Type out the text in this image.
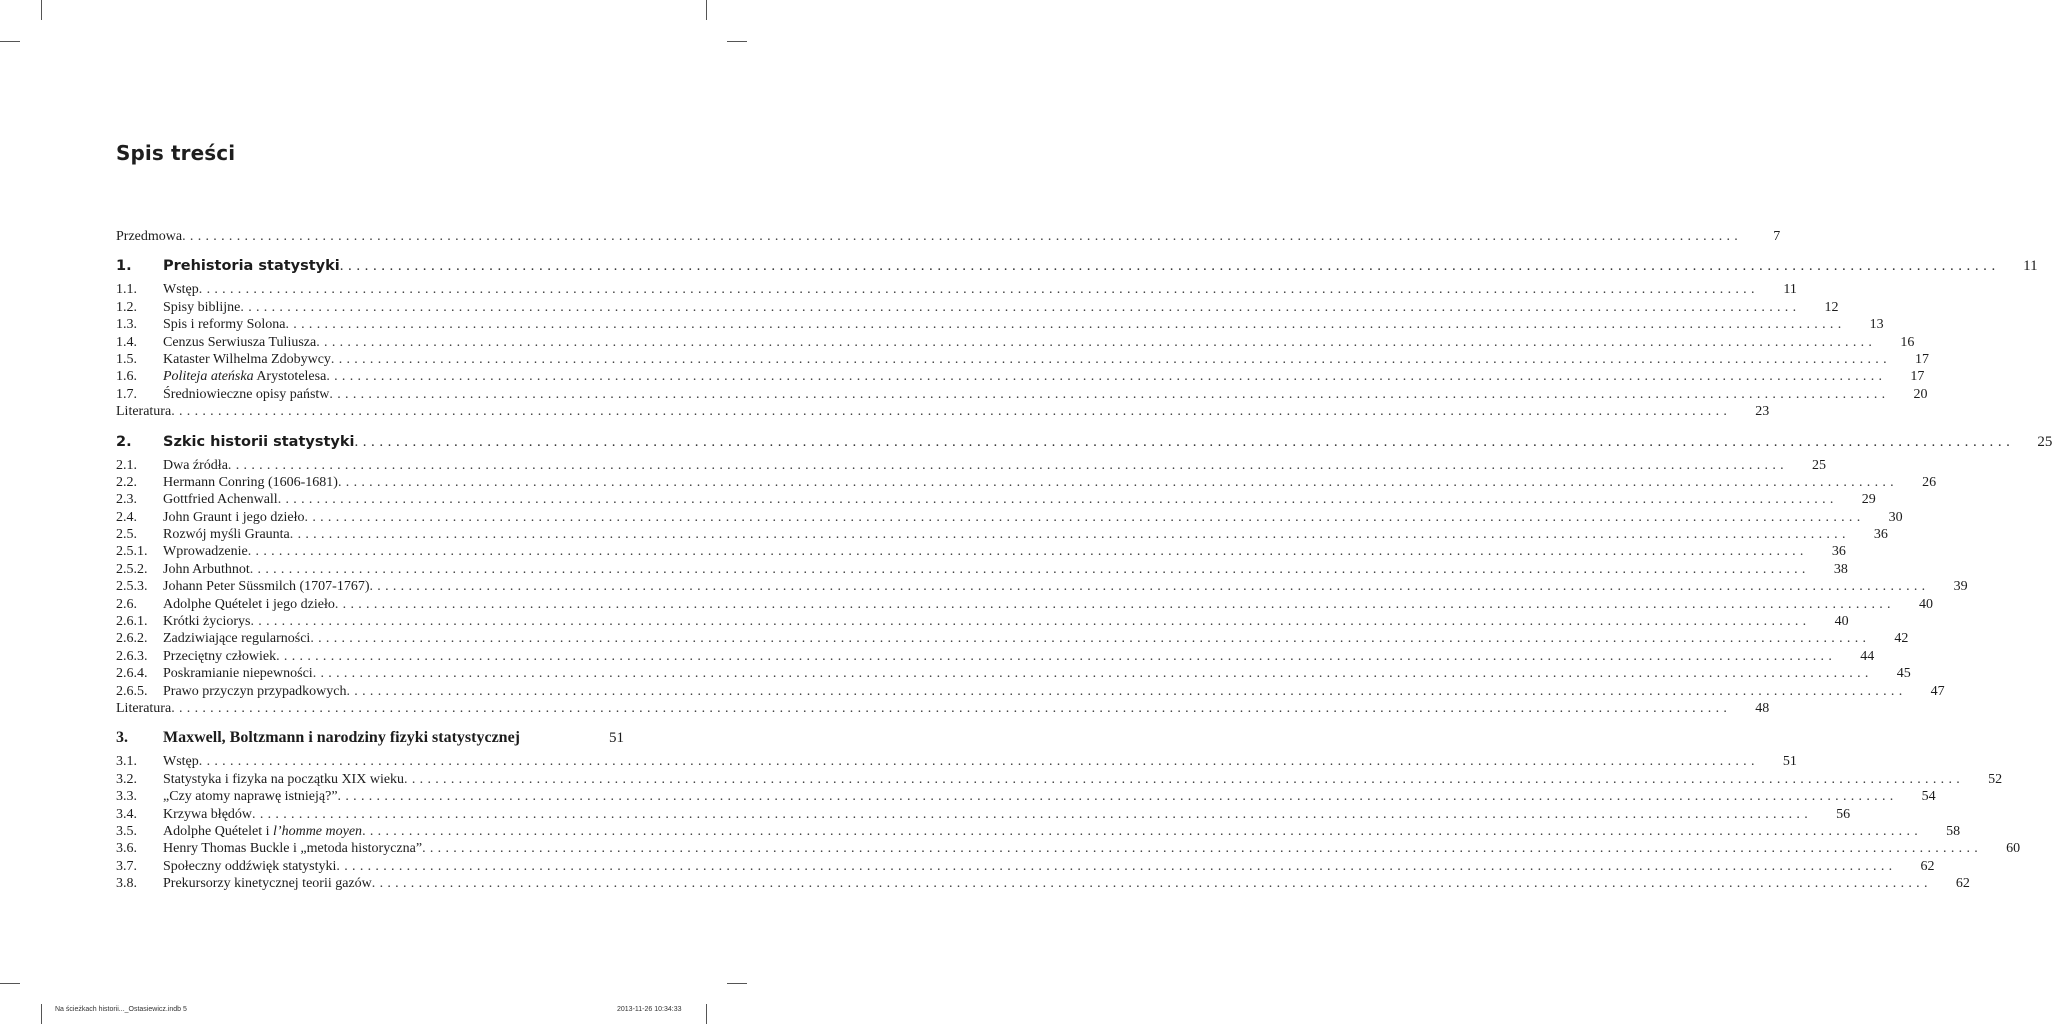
Spis treści
Przedmowa . . . . . . . . . . . . . . . . . . . . . . . . . . . . . . . . . . . . . . . . . . . . . . . . . . . . . . . . . . . . . . . . . . . . . . . . . . . . . . . . . . . . . . . . . . . . . . . . . . . . . . . . . . . . . . . . . . . . . . . . . . . . . . . . . . . . . . . . . . . . . . . . . . . . . . . . . . . . . . . . . . . . . . . . . . . . . . . . . . . . . . . . . . . . . . . . . . . . . . . .	7
1.	Prehistoria statystyki . . . . . . . . . . . . . . . . . . . . . . . . . . . . . . . . . . . . . . . . . . . . . . . . . . . . . . . . . . . . . . . . . . . . . . . . . . . . . . . . . . . . . . . . . . . . . . . . . . . . . . . . . . . . . . . . . . . . . . . . . . . . . . . . . . . . . . . . . . . . . . . . . . . . . . . . . . . . . . . . . . . . . . . . . . . . . . . . . . . . . . . . . . . . . . . . . . . . . . . .	11
1.1.	Wstęp . . . . . . . . . . . . . . . . . . . . . . . . . . . . . . . . . . . . . . . . . . . . . . . . . . . . . . . . . . . . . . . . . . . . . . . . . . . . . . . . . . . . . . . . . . . . . . . . . . . . . . . . . . . . . . . . . . . . . . . . . . . . . . . . . . . . . . . . . . . . . . . . . . . . . . . . . . . . . . . . . . . . . . . . . . . . . . . . . . . . . . . . . . . . . . . . . . . . . . . .	11
1.2.	Spisy biblijne . . . . . . . . . . . . . . . . . . . . . . . . . . . . . . . . . . . . . . . . . . . . . . . . . . . . . . . . . . . . . . . . . . . . . . . . . . . . . . . . . . . . . . . . . . . . . . . . . . . . . . . . . . . . . . . . . . . . . . . . . . . . . . . . . . . . . . . . . . . . . . . . . . . . . . . . . . . . . . . . . . . . . . . . . . . . . . . . . . . . . . . . . . . . . . . . . . . . . . . .	12
1.3.	Spis i reformy Solona . . . . . . . . . . . . . . . . . . . . . . . . . . . . . . . . . . . . . . . . . . . . . . . . . . . . . . . . . . . . . . . . . . . . . . . . . . . . . . . . . . . . . . . . . . . . . . . . . . . . . . . . . . . . . . . . . . . . . . . . . . . . . . . . . . . . . . . . . . . . . . . . . . . . . . . . . . . . . . . . . . . . . . . . . . . . . . . . . . . . . . . . . . . . . . . . . . . . . . . .	13
1.4.	Cenzus Serwiusza Tuliusza . . . . . . . . . . . . . . . . . . . . . . . . . . . . . . . . . . . . . . . . . . . . . . . . . . . . . . . . . . . . . . . . . . . . . . . . . . . . . . . . . . . . . . . . . . . . . . . . . . . . . . . . . . . . . . . . . . . . . . . . . . . . . . . . . . . . . . . . . . . . . . . . . . . . . . . . . . . . . . . . . . . . . . . . . . . . . . . . . . . . . . . . . . . . . . . . . . . . . . . .	16
1.5.	Kataster Wilhelma Zdobywcy . . . . . . . . . . . . . . . . . . . . . . . . . . . . . . . . . . . . . . . . . . . . . . . . . . . . . . . . . . . . . . . . . . . . . . . . . . . . . . . . . . . . . . . . . . . . . . . . . . . . . . . . . . . . . . . . . . . . . . . . . . . . . . . . . . . . . . . . . . . . . . . . . . . . . . . . . . . . . . . . . . . . . . . . . . . . . . . . . . . . . . . . . . . . . . . . . . . . . . . .	17
1.6.	Politeja ateńska Arystotelesa . . . . . . . . . . . . . . . . . . . . . . . . . . . . . . . . . . . . . . . . . . . . . . . . . . . . . . . . . . . . . . . . . . . . . . . . . . . . . . . . . . . . . . . . . . . . . . . . . . . . . . . . . . . . . . . . . . . . . . . . . . . . . . . . . . . . . . . . . . . . . . . . . . . . . . . . . . . . . . . . . . . . . . . . . . . . . . . . . . . . . . . . . . . . . . . . . . . . . . . .	17
1.7.	Średniowieczne opisy państw . . . . . . . . . . . . . . . . . . . . . . . . . . . . . . . . . . . . . . . . . . . . . . . . . . . . . . . . . . . . . . . . . . . . . . . . . . . . . . . . . . . . . . . . . . . . . . . . . . . . . . . . . . . . . . . . . . . . . . . . . . . . . . . . . . . . . . . . . . . . . . . . . . . . . . . . . . . . . . . . . . . . . . . . . . . . . . . . . . . . . . . . . . . . . . . . . . . . . . . .	20
Literatura . . . . . . . . . . . . . . . . . . . . . . . . . . . . . . . . . . . . . . . . . . . . . . . . . . . . . . . . . . . . . . . . . . . . . . . . . . . . . . . . . . . . . . . . . . . . . . . . . . . . . . . . . . . . . . . . . . . . . . . . . . . . . . . . . . . . . . . . . . . . . . . . . . . . . . . . . . . . . . . . . . . . . . . . . . . . . . . . . . . . . . . . . . . . . . . . . . . . . . . .	23
2.	Szkic historii statystyki . . . . . . . . . . . . . . . . . . . . . . . . . . . . . . . . . . . . . . . . . . . . . . . . . . . . . . . . . . . . . . . . . . . . . . . . . . . . . . . . . . . . . . . . . . . . . . . . . . . . . . . . . . . . . . . . . . . . . . . . . . . . . . . . . . . . . . . . . . . . . . . . . . . . . . . . . . . . . . . . . . . . . . . . . . . . . . . . . . . . . . . . . . . . . . . . . . . . . . . .	25
2.1.	Dwa źródła . . . . . . . . . . . . . . . . . . . . . . . . . . . . . . . . . . . . . . . . . . . . . . . . . . . . . . . . . . . . . . . . . . . . . . . . . . . . . . . . . . . . . . . . . . . . . . . . . . . . . . . . . . . . . . . . . . . . . . . . . . . . . . . . . . . . . . . . . . . . . . . . . . . . . . . . . . . . . . . . . . . . . . . . . . . . . . . . . . . . . . . . . . . . . . . . . . . . . . . .	25
2.2.	Hermann Conring (1606-1681) . . . . . . . . . . . . . . . . . . . . . . . . . . . . . . . . . . . . . . . . . . . . . . . . . . . . . . . . . . . . . . . . . . . . . . . . . . . . . . . . . . . . . . . . . . . . . . . . . . . . . . . . . . . . . . . . . . . . . . . . . . . . . . . . . . . . . . . . . . . . . . . . . . . . . . . . . . . . . . . . . . . . . . . . . . . . . . . . . . . . . . . . . . . . . . . . . . . . . . . .	26
2.3.	Gottfried Achenwall . . . . . . . . . . . . . . . . . . . . . . . . . . . . . . . . . . . . . . . . . . . . . . . . . . . . . . . . . . . . . . . . . . . . . . . . . . . . . . . . . . . . . . . . . . . . . . . . . . . . . . . . . . . . . . . . . . . . . . . . . . . . . . . . . . . . . . . . . . . . . . . . . . . . . . . . . . . . . . . . . . . . . . . . . . . . . . . . . . . . . . . . . . . . . . . . . . . . . . . .	29
2.4.	John Graunt i jego dzieło . . . . . . . . . . . . . . . . . . . . . . . . . . . . . . . . . . . . . . . . . . . . . . . . . . . . . . . . . . . . . . . . . . . . . . . . . . . . . . . . . . . . . . . . . . . . . . . . . . . . . . . . . . . . . . . . . . . . . . . . . . . . . . . . . . . . . . . . . . . . . . . . . . . . . . . . . . . . . . . . . . . . . . . . . . . . . . . . . . . . . . . . . . . . . . . . . . . . . . . .	30
2.5.	Rozwój myśli Graunta . . . . . . . . . . . . . . . . . . . . . . . . . . . . . . . . . . . . . . . . . . . . . . . . . . . . . . . . . . . . . . . . . . . . . . . . . . . . . . . . . . . . . . . . . . . . . . . . . . . . . . . . . . . . . . . . . . . . . . . . . . . . . . . . . . . . . . . . . . . . . . . . . . . . . . . . . . . . . . . . . . . . . . . . . . . . . . . . . . . . . . . . . . . . . . . . . . . . . . . .	36
2.5.1.	Wprowadzenie . . . . . . . . . . . . . . . . . . . . . . . . . . . . . . . . . . . . . . . . . . . . . . . . . . . . . . . . . . . . . . . . . . . . . . . . . . . . . . . . . . . . . . . . . . . . . . . . . . . . . . . . . . . . . . . . . . . . . . . . . . . . . . . . . . . . . . . . . . . . . . . . . . . . . . . . . . . . . . . . . . . . . . . . . . . . . . . . . . . . . . . . . . . . . . . . . . . . . . . .	36
2.5.2.	John Arbuthnot . . . . . . . . . . . . . . . . . . . . . . . . . . . . . . . . . . . . . . . . . . . . . . . . . . . . . . . . . . . . . . . . . . . . . . . . . . . . . . . . . . . . . . . . . . . . . . . . . . . . . . . . . . . . . . . . . . . . . . . . . . . . . . . . . . . . . . . . . . . . . . . . . . . . . . . . . . . . . . . . . . . . . . . . . . . . . . . . . . . . . . . . . . . . . . . . . . . . . . . .	38
2.5.3.	Johann Peter Süssmilch (1707-1767) . . . . . . . . . . . . . . . . . . . . . . . . . . . . . . . . . . . . . . . . . . . . . . . . . . . . . . . . . . . . . . . . . . . . . . . . . . . . . . . . . . . . . . . . . . . . . . . . . . . . . . . . . . . . . . . . . . . . . . . . . . . . . . . . . . . . . . . . . . . . . . . . . . . . . . . . . . . . . . . . . . . . . . . . . . . . . . . . . . . . . . . . . . . . . . . . . . . . . . . .	39
2.6.	Adolphe Quételet i jego dzieło . . . . . . . . . . . . . . . . . . . . . . . . . . . . . . . . . . . . . . . . . . . . . . . . . . . . . . . . . . . . . . . . . . . . . . . . . . . . . . . . . . . . . . . . . . . . . . . . . . . . . . . . . . . . . . . . . . . . . . . . . . . . . . . . . . . . . . . . . . . . . . . . . . . . . . . . . . . . . . . . . . . . . . . . . . . . . . . . . . . . . . . . . . . . . . . . . . . . . . . .	40
2.6.1.	Krótki życiorys . . . . . . . . . . . . . . . . . . . . . . . . . . . . . . . . . . . . . . . . . . . . . . . . . . . . . . . . . . . . . . . . . . . . . . . . . . . . . . . . . . . . . . . . . . . . . . . . . . . . . . . . . . . . . . . . . . . . . . . . . . . . . . . . . . . . . . . . . . . . . . . . . . . . . . . . . . . . . . . . . . . . . . . . . . . . . . . . . . . . . . . . . . . . . . . . . . . . . . . .	40
2.6.2.	Zadziwiające regularności . . . . . . . . . . . . . . . . . . . . . . . . . . . . . . . . . . . . . . . . . . . . . . . . . . . . . . . . . . . . . . . . . . . . . . . . . . . . . . . . . . . . . . . . . . . . . . . . . . . . . . . . . . . . . . . . . . . . . . . . . . . . . . . . . . . . . . . . . . . . . . . . . . . . . . . . . . . . . . . . . . . . . . . . . . . . . . . . . . . . . . . . . . . . . . . . . . . . . . . .	42
2.6.3.	Przeciętny człowiek . . . . . . . . . . . . . . . . . . . . . . . . . . . . . . . . . . . . . . . . . . . . . . . . . . . . . . . . . . . . . . . . . . . . . . . . . . . . . . . . . . . . . . . . . . . . . . . . . . . . . . . . . . . . . . . . . . . . . . . . . . . . . . . . . . . . . . . . . . . . . . . . . . . . . . . . . . . . . . . . . . . . . . . . . . . . . . . . . . . . . . . . . . . . . . . . . . . . . . . .	44
2.6.4.	Poskramianie niepewności . . . . . . . . . . . . . . . . . . . . . . . . . . . . . . . . . . . . . . . . . . . . . . . . . . . . . . . . . . . . . . . . . . . . . . . . . . . . . . . . . . . . . . . . . . . . . . . . . . . . . . . . . . . . . . . . . . . . . . . . . . . . . . . . . . . . . . . . . . . . . . . . . . . . . . . . . . . . . . . . . . . . . . . . . . . . . . . . . . . . . . . . . . . . . . . . . . . . . . . .	45
2.6.5.	Prawo przyczyn przypadkowych . . . . . . . . . . . . . . . . . . . . . . . . . . . . . . . . . . . . . . . . . . . . . . . . . . . . . . . . . . . . . . . . . . . . . . . . . . . . . . . . . . . . . . . . . . . . . . . . . . . . . . . . . . . . . . . . . . . . . . . . . . . . . . . . . . . . . . . . . . . . . . . . . . . . . . . . . . . . . . . . . . . . . . . . . . . . . . . . . . . . . . . . . . . . . . . . . . . . . . . .	47
Literatura . . . . . . . . . . . . . . . . . . . . . . . . . . . . . . . . . . . . . . . . . . . . . . . . . . . . . . . . . . . . . . . . . . . . . . . . . . . . . . . . . . . . . . . . . . . . . . . . . . . . . . . . . . . . . . . . . . . . . . . . . . . . . . . . . . . . . . . . . . . . . . . . . . . . . . . . . . . . . . . . . . . . . . . . . . . . . . . . . . . . . . . . . . . . . . . . . . . . . . . .	48
3.	Maxwell, Boltzmann i narodziny fizyki statystycznej	51
3.1.	Wstęp . . . . . . . . . . . . . . . . . . . . . . . . . . . . . . . . . . . . . . . . . . . . . . . . . . . . . . . . . . . . . . . . . . . . . . . . . . . . . . . . . . . . . . . . . . . . . . . . . . . . . . . . . . . . . . . . . . . . . . . . . . . . . . . . . . . . . . . . . . . . . . . . . . . . . . . . . . . . . . . . . . . . . . . . . . . . . . . . . . . . . . . . . . . . . . . . . . . . . . . .	51
3.2.	Statystyka i fizyka na początku XIX wieku . . . . . . . . . . . . . . . . . . . . . . . . . . . . . . . . . . . . . . . . . . . . . . . . . . . . . . . . . . . . . . . . . . . . . . . . . . . . . . . . . . . . . . . . . . . . . . . . . . . . . . . . . . . . . . . . . . . . . . . . . . . . . . . . . . . . . . . . . . . . . . . . . . . . . . . . . . . . . . . . . . . . . . . . . . . . . . . . . . . . . . . . . . . . . . . . . . . . . . . .	52
3.3.	„Czy atomy naprawę istnieją?” . . . . . . . . . . . . . . . . . . . . . . . . . . . . . . . . . . . . . . . . . . . . . . . . . . . . . . . . . . . . . . . . . . . . . . . . . . . . . . . . . . . . . . . . . . . . . . . . . . . . . . . . . . . . . . . . . . . . . . . . . . . . . . . . . . . . . . . . . . . . . . . . . . . . . . . . . . . . . . . . . . . . . . . . . . . . . . . . . . . . . . . . . . . . . . . . . . . . . . . .	54
3.4.	Krzywa błędów . . . . . . . . . . . . . . . . . . . . . . . . . . . . . . . . . . . . . . . . . . . . . . . . . . . . . . . . . . . . . . . . . . . . . . . . . . . . . . . . . . . . . . . . . . . . . . . . . . . . . . . . . . . . . . . . . . . . . . . . . . . . . . . . . . . . . . . . . . . . . . . . . . . . . . . . . . . . . . . . . . . . . . . . . . . . . . . . . . . . . . . . . . . . . . . . . . . . . . . .	56
3.5.	Adolphe Quételet i l’homme moyen . . . . . . . . . . . . . . . . . . . . . . . . . . . . . . . . . . . . . . . . . . . . . . . . . . . . . . . . . . . . . . . . . . . . . . . . . . . . . . . . . . . . . . . . . . . . . . . . . . . . . . . . . . . . . . . . . . . . . . . . . . . . . . . . . . . . . . . . . . . . . . . . . . . . . . . . . . . . . . . . . . . . . . . . . . . . . . . . . . . . . . . . . . . . . . . . . . . . . . . .	58
3.6.	Henry Thomas Buckle i „metoda historyczna” . . . . . . . . . . . . . . . . . . . . . . . . . . . . . . . . . . . . . . . . . . . . . . . . . . . . . . . . . . . . . . . . . . . . . . . . . . . . . . . . . . . . . . . . . . . . . . . . . . . . . . . . . . . . . . . . . . . . . . . . . . . . . . . . . . . . . . . . . . . . . . . . . . . . . . . . . . . . . . . . . . . . . . . . . . . . . . . . . . . . . . . . . . . . . . . . . . . . . . . .	60
3.7.	Społeczny oddźwięk statystyki . . . . . . . . . . . . . . . . . . . . . . . . . . . . . . . . . . . . . . . . . . . . . . . . . . . . . . . . . . . . . . . . . . . . . . . . . . . . . . . . . . . . . . . . . . . . . . . . . . . . . . . . . . . . . . . . . . . . . . . . . . . . . . . . . . . . . . . . . . . . . . . . . . . . . . . . . . . . . . . . . . . . . . . . . . . . . . . . . . . . . . . . . . . . . . . . . . . . . . . .	62
3.8.	Prekursorzy kinetycznej teorii gazów . . . . . . . . . . . . . . . . . . . . . . . . . . . . . . . . . . . . . . . . . . . . . . . . . . . . . . . . . . . . . . . . . . . . . . . . . . . . . . . . . . . . . . . . . . . . . . . . . . . . . . . . . . . . . . . . . . . . . . . . . . . . . . . . . . . . . . . . . . . . . . . . . . . . . . . . . . . . . . . . . . . . . . . . . . . . . . . . . . . . . . . . . . . . . . . . . . . . . . . .	62
Na ścieżkach historii..._Ostasiewicz.indb 5	2013-11-26 10:34:33
